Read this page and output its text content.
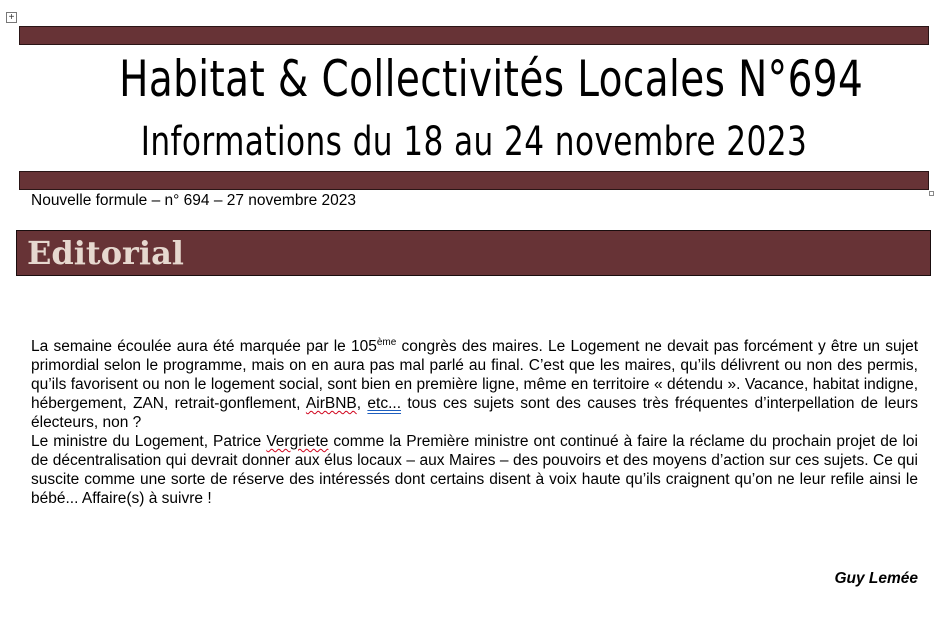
+
Habitat & Collectivités Locales N°694
Informations du 18 au 24 novembre 2023
Nouvelle formule – n° 694 – 27 novembre 2023
Editorial

La semaine écoulée aura été marquée par le 105ème congrès des maires. Le Logement ne devait pas forcément y être un sujet primordial selon le programme, mais on en aura pas mal parlé au final. C’est que les maires, qu’ils délivrent ou non des permis, qu’ils favorisent ou non le logement social, sont bien en première ligne, même en territoire « détendu ». Vacance, habitat indigne, hébergement, ZAN, retrait-gonflement, AirBNB, etc... tous ces sujets sont des causes très fréquentes d’interpellation de leurs électeurs, non ?

Le ministre du Logement, Patrice Vergriete comme la Première ministre ont continué à faire la réclame du prochain projet de loi de décentralisation qui devrait donner aux élus locaux – aux Maires – des pouvoirs et des moyens d’action sur ces sujets. Ce qui suscite comme une sorte de réserve des intéressés dont certains disent à voix haute qu’ils craignent qu’on ne leur refile ainsi le bébé... Affaire(s) à suivre !

Guy Lemée
